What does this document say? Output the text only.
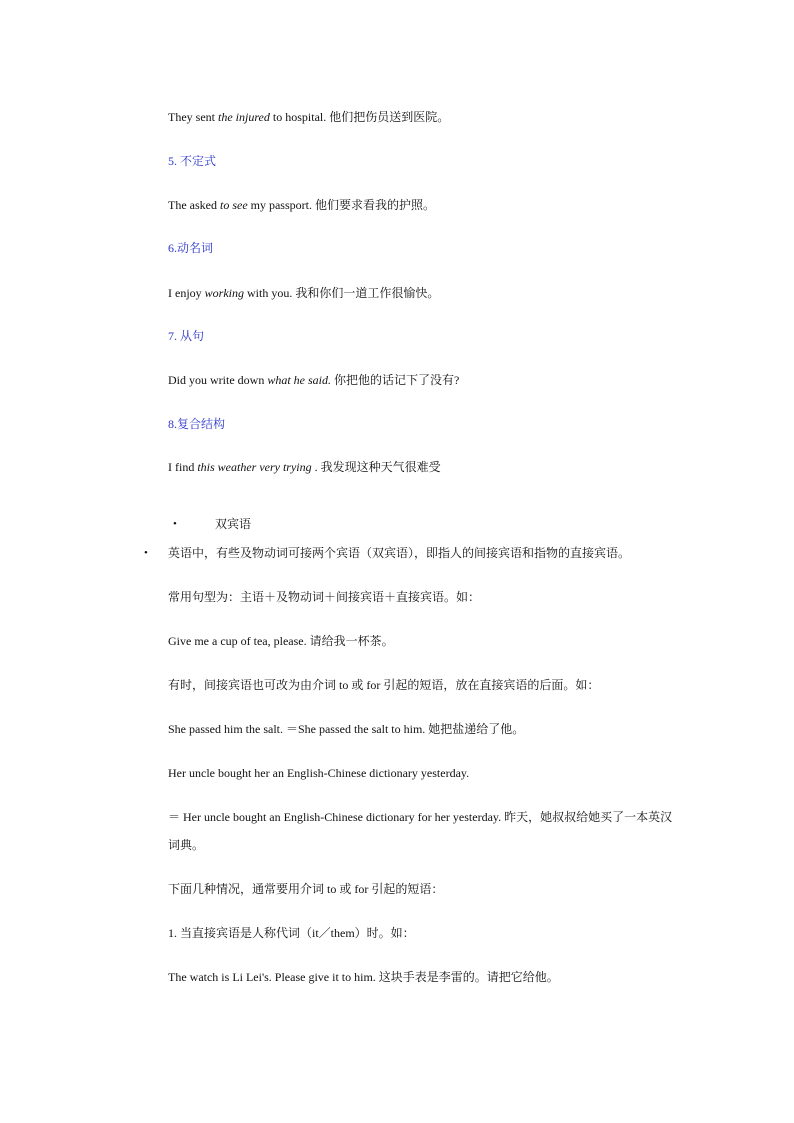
They sent the injured to hospital. 他们把伤员送到医院。
5. 不定式
The asked to see my passport. 他们要求看我的护照。
6.动名词
I enjoy working with you. 我和你们一道工作很愉快。
7. 从句
Did you write down what he said. 你把他的话记下了没有?
8.复合结构
I find this weather very trying . 我发现这种天气很难受
•	双宾语
• 英语中，有些及物动词可接两个宾语（双宾语），即指人的间接宾语和指物的直接宾语。
常用句型为：主语＋及物动词＋间接宾语＋直接宾语。如：
Give me a cup of tea, please. 请给我一杯茶。
有时，间接宾语也可改为由介词 to 或 for 引起的短语，放在直接宾语的后面。如：
She passed him the salt. ＝She passed the salt to him. 她把盐递给了他。
Her uncle bought her an English-Chinese dictionary yesterday.
＝ Her uncle bought an English-Chinese dictionary for her yesterday. 昨天，她叔叔给她买了一本英汉词典。
下面几种情况，通常要用介词 to 或 for 引起的短语：
1. 当直接宾语是人称代词（it／them）时。如：
The watch is Li Lei's. Please give it to him. 这块手表是李雷的。请把它给他。
